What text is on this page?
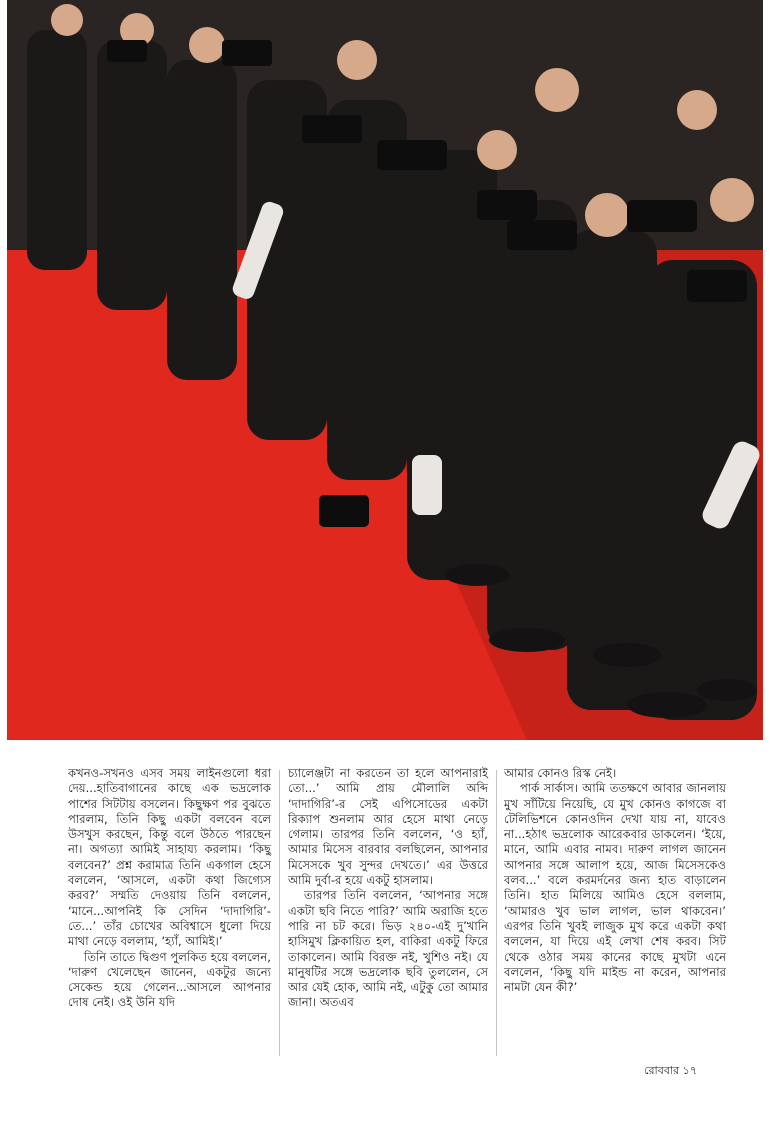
কখনও-সখনও এসব সময় লাইনগুলো ধরা দেয়...হাতিবাগানের কাছে এক ভদ্রলোক পাশের সিটটায় বসলেন। কিছুক্ষণ পর বুঝতে পারলাম, তিনি কিছু একটা বলবেন বলে উসখুস করছেন, কিন্তু বলে উঠতে পারছেন না। অগত্যা আমিই সাহায্য করলাম। ‘কিছু বলবেন?’ প্রশ্ন করামাত্র তিনি একগাল হেসে বললেন, ‘আসলে, একটা কথা জিগ্যেস করব?’ সম্মতি দেওয়ায় তিনি বললেন, ‘মানে...আপনিই কি সেদিন ‘দাদাগিরি’-তে...’ তাঁর চোখের অবিশ্বাসে ধুলো দিয়ে মাথা নেড়ে বললাম, ‘হ্যাঁ, আমিই।’

তিনি তাতে দ্বিগুণ পুলকিত হয়ে বললেন, ‘দারুণ খেলেছেন জানেন, একটুর জন্যে সেকেন্ড হয়ে গেলেন...আসলে আপনার দোষ নেই। ওই উনি যদি

চ্যালেঞ্জটা না করতেন তা হলে আপনারাই তো...’ আমি প্রায় মৌলালি অব্দি ‘দাদাগিরি’-র সেই এপিসোডের একটা রিক্যাপ শুনলাম আর হেসে মাথা নেড়ে গেলাম। তারপর তিনি বললেন, ‘ও হ্যাঁ, আমার মিসেস বারবার বলছিলেন, আপনার মিসেসকে খুব সুন্দর দেখতে।’ এর উত্তরে আমি দুর্বা-র হয়ে একটু হাসলাম।

তারপর তিনি বললেন, ‘আপনার সঙ্গে একটা ছবি নিতে পারি?’ আমি অরাজি হতে পারি না চট করে। ভিড় ২৪০-এই দু’খানি হাসিমুখ ক্লিকায়িত হল, বাকিরা একটু ফিরে তাকালেন। আমি বিরক্ত নই, খুশিও নই। যে মানুষটির সঙ্গে ভদ্রলোক ছবি তুললেন, সে আর যেই হোক, আমি নই, এটুকু তো আমার জানা। অতএব

আমার কোনও রিস্ক নেই।

পার্ক সার্কাস। আমি ততক্ষণে আবার জানলায় মুখ সাঁটিয়ে নিয়েছি, যে মুখ কোনও কাগজে বা টেলিভিশনে কোনওদিন দেখা যায় না, যাবেও না...হঠাৎ ভদ্রলোক আরেকবার ডাকলেন। ‘ইয়ে, মানে, আমি এবার নামব। দারুণ লাগল জানেন আপনার সঙ্গে আলাপ হয়ে, আজ মিসেসকেও বলব...’ বলে করমর্দনের জন্য হাত বাড়ালেন তিনি। হাত মিলিয়ে আমিও হেসে বললাম, ‘আমারও খুব ভাল লাগল, ভাল থাকবেন।’ এরপর তিনি খুবই লাজুক মুখ করে একটা কথা বললেন, যা দিয়ে এই লেখা শেষ করব। সিট থেকে ওঠার সময় কানের কাছে মুখটা এনে বললেন, ‘কিছু যদি মাইন্ড না করেন, আপনার নামটা যেন কী?’

রোববার ১৭
